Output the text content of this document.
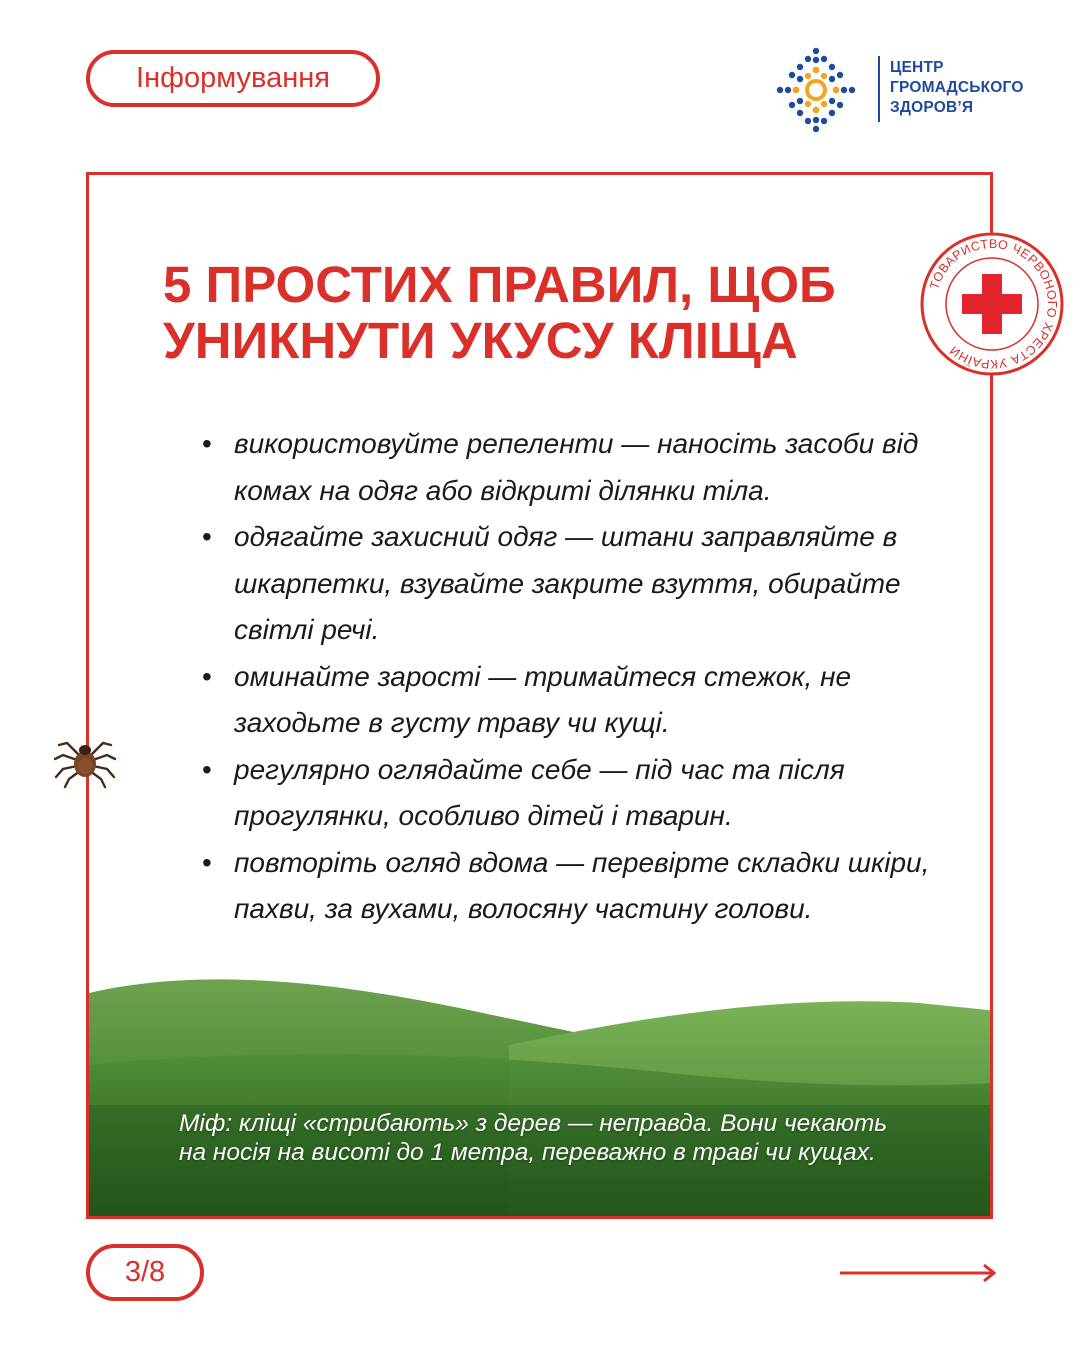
Інформування	ЦЕНТР
ГРОМАДСЬКОГО
ЗДОРОВ’Я
5 ПРОСТИХ ПРАВИЛ, ЩОБ
УНИКНУТИ УКУСУ КЛІЩА
• використовуйте репеленти — наносіть засоби від комах на одяг або відкриті ділянки тіла.
• одягайте захисний одяг — штани заправляйте в шкарпетки, взувайте закрите взуття, обирайте світлі речі.
• оминайте зарості — тримайтеся стежок, не заходьте в густу траву чи кущі.
• регулярно оглядайте себе — під час та після прогулянки, особливо дітей і тварин.
• повторіть огляд вдома — перевірте складки шкіри, пахви, за вухами, волосяну частину голови.
Міф: кліщі «стрибають» з дерев — неправда. Вони чекають
на носія на висоті до 1 метра, переважно в траві чи кущах.
ТОВАРИСТВО ЧЕРВОНОГО ХРЕСТА УКРАЇНИ
3/8
